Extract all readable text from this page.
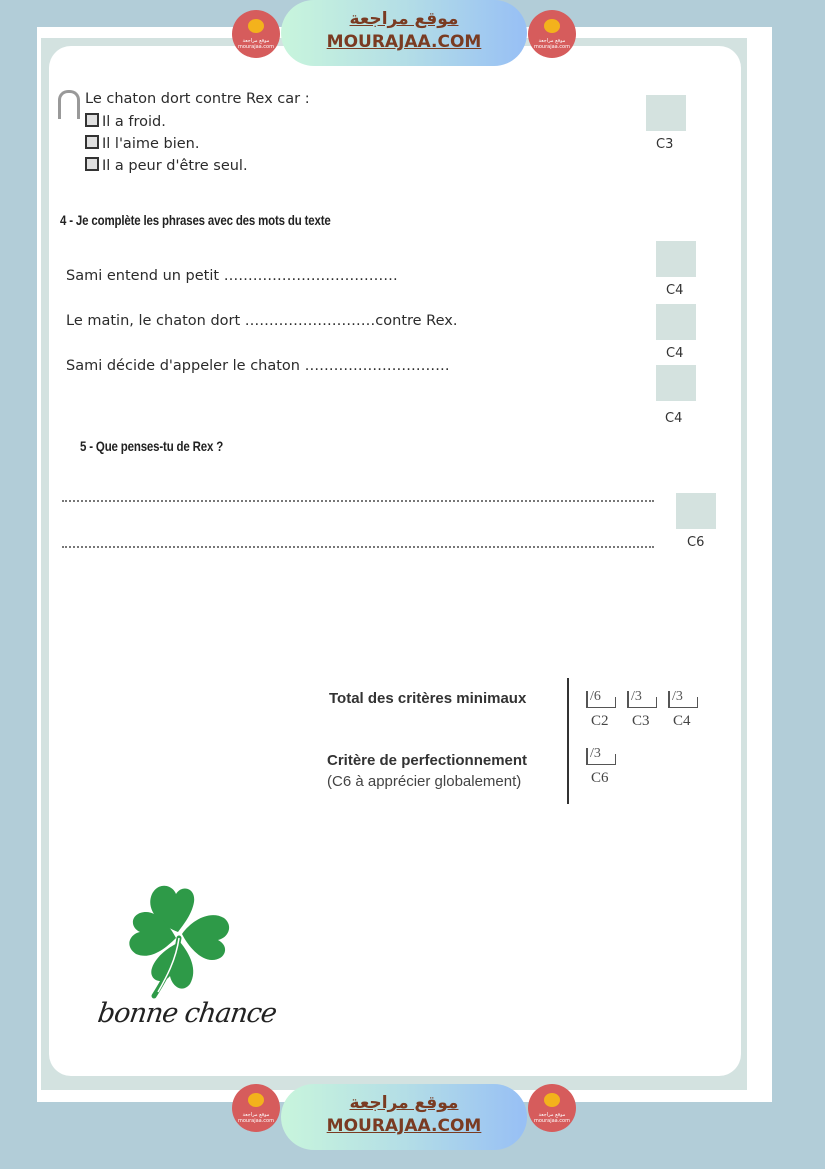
موقع مراجعة mourajaa.com
موقع مراجعة
MOURAJAA.COM	موقع مراجعة mourajaa.com
Le chaton dort contre Rex car :
Il a froid.
Il l'aime bien.
Il a peur d'être seul.
C3
4 - Je complète les phrases avec des mots du texte
Sami entend un petit ………………………………
Le matin, le chaton dort ………………………contre Rex.
Sami décide d'appeler le chaton …………………………
C4
C4
C4
5 - Que penses-tu de Rex ?
C6
Total des critères minimaux
Critère de perfectionnement
(C6 à apprécier globalement)
/6
C2
/3
C3
/3
C4
/3
C6
bonne chance
موقع مراجعة mourajaa.com
موقع مراجعة
MOURAJAA.COM
موقع مراجعة mourajaa.com
